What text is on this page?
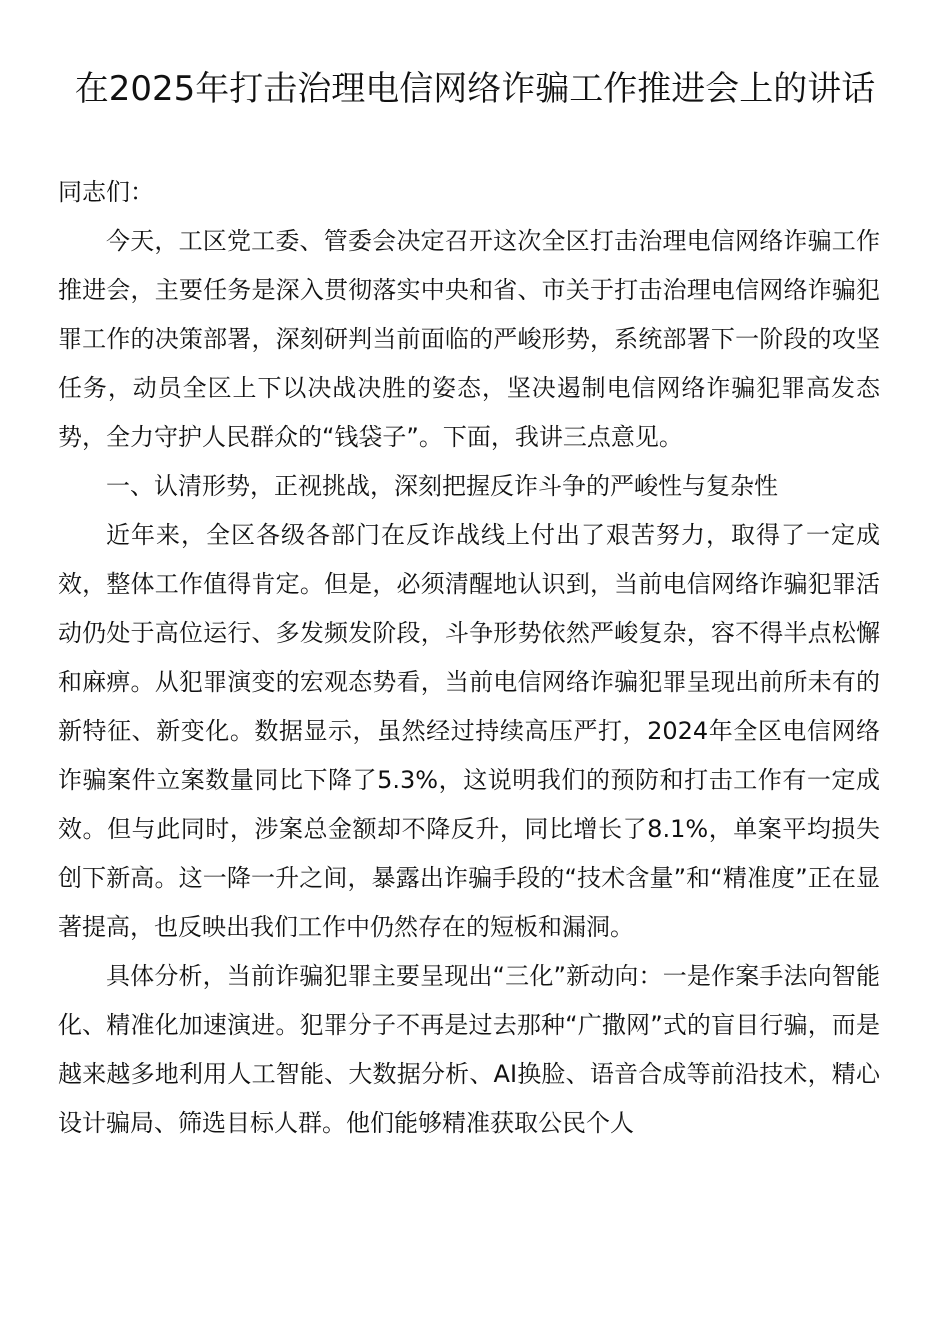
在2025年打击治理电信网络诈骗工作推进会上的讲话

同志们：

今天，工区党工委、管委会决定召开这次全区打击治理电信网络诈骗工作推进会，主要任务是深入贯彻落实中央和省、市关于打击治理电信网络诈骗犯罪工作的决策部署，深刻研判当前面临的严峻形势，系统部署下一阶段的攻坚任务，动员全区上下以决战决胜的姿态，坚决遏制电信网络诈骗犯罪高发态势，全力守护人民群众的“钱袋子”。下面，我讲三点意见。

一、认清形势，正视挑战，深刻把握反诈斗争的严峻性与复杂性

近年来，全区各级各部门在反诈战线上付出了艰苦努力，取得了一定成效，整体工作值得肯定。但是，必须清醒地认识到，当前电信网络诈骗犯罪活动仍处于高位运行、多发频发阶段，斗争形势依然严峻复杂，容不得半点松懈和麻痹。从犯罪演变的宏观态势看，当前电信网络诈骗犯罪呈现出前所未有的新特征、新变化。数据显示，虽然经过持续高压严打，2024年全区电信网络诈骗案件立案数量同比下降了5.3%，这说明我们的预防和打击工作有一定成效。但与此同时，涉案总金额却不降反升，同比增长了8.1%，单案平均损失创下新高。这一降一升之间，暴露出诈骗手段的“技术含量”和“精准度”正在显著提高，也反映出我们工作中仍然存在的短板和漏洞。

具体分析，当前诈骗犯罪主要呈现出“三化”新动向：一是作案手法向智能化、精准化加速演进。犯罪分子不再是过去那种“广撒网”式的盲目行骗，而是越来越多地利用人工智能、大数据分析、AI换脸、语音合成等前沿技术，精心设计骗局、筛选目标人群。他们能够精准获取公民个人
